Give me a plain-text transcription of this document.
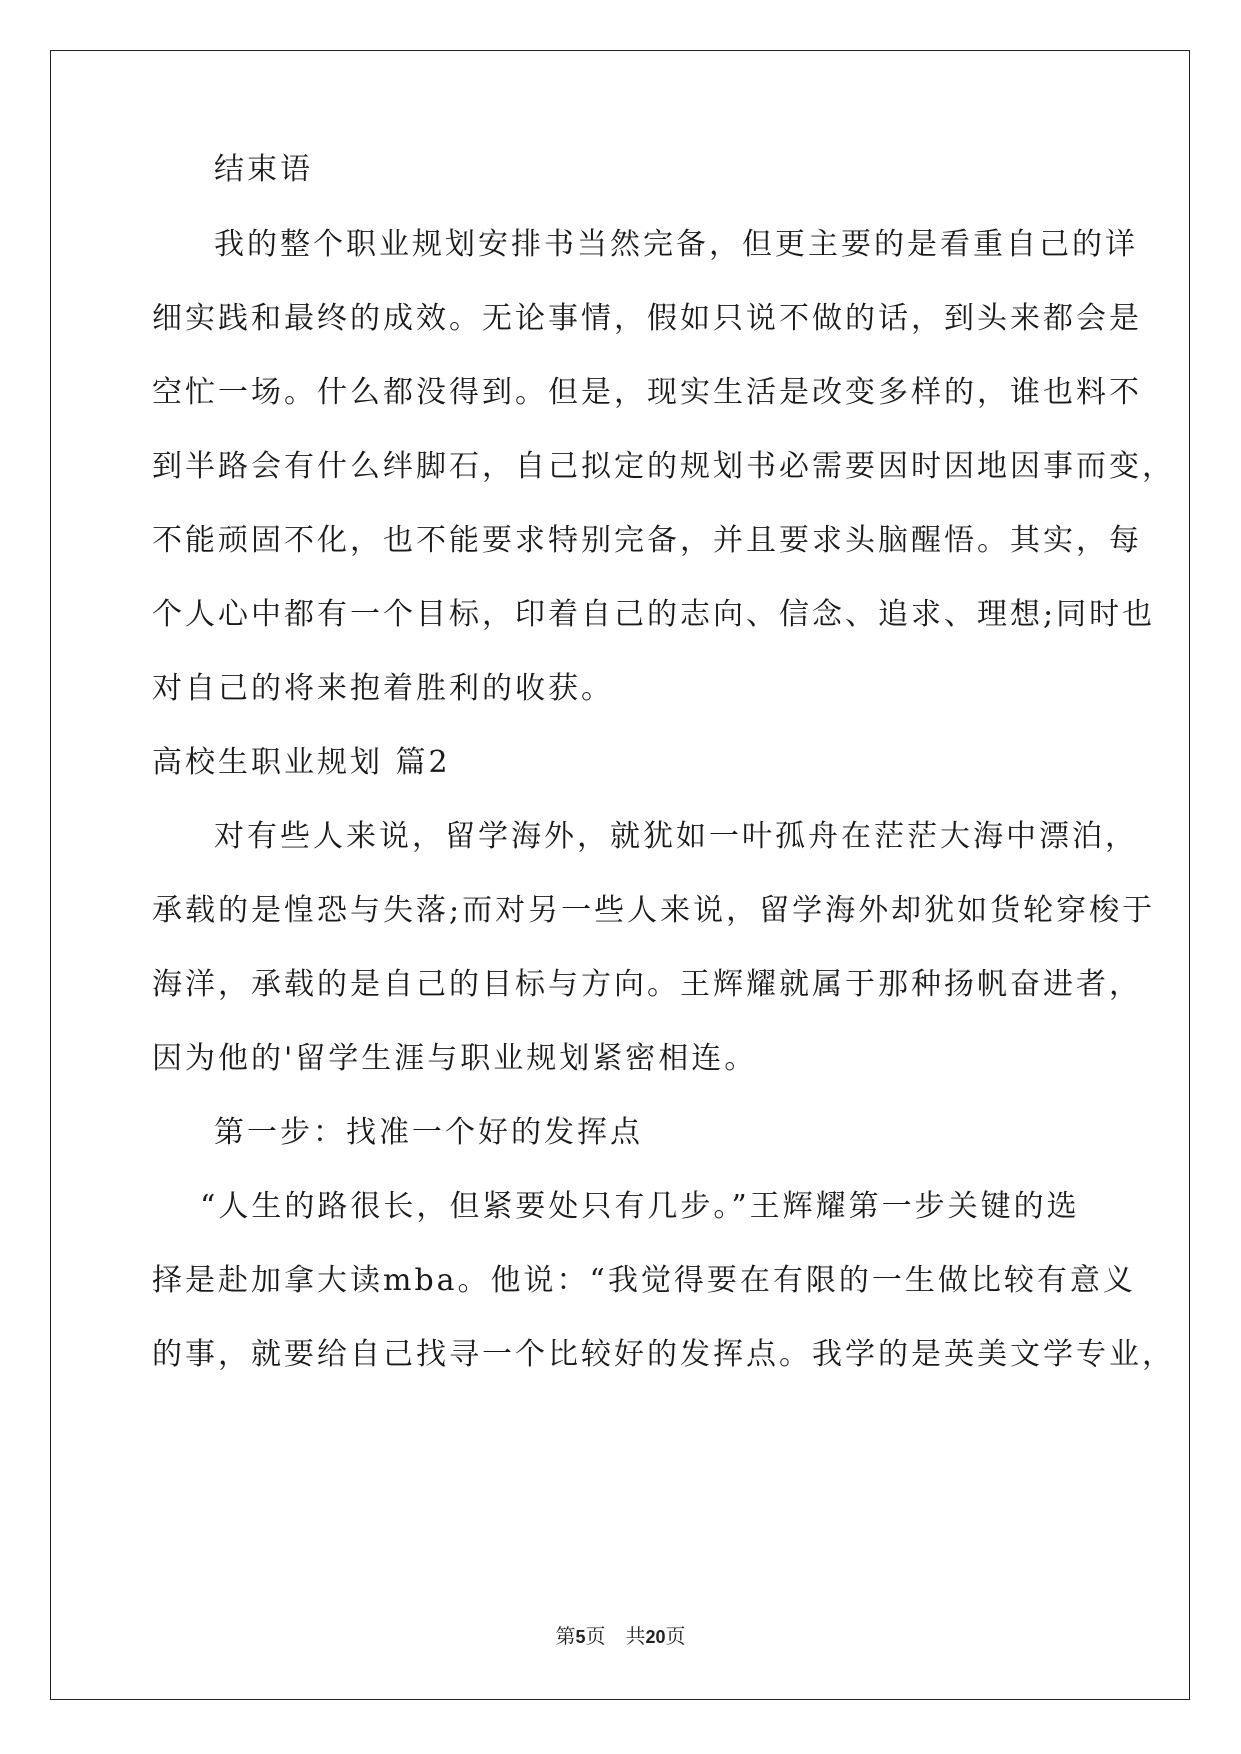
结束语
我的整个职业规划安排书当然完备，但更主要的是看重自己的详
细实践和最终的成效。无论事情，假如只说不做的话，到头来都会是
空忙一场。什么都没得到。但是，现实生活是改变多样的，谁也料不
到半路会有什么绊脚石，自己拟定的规划书必需要因时因地因事而变，
不能顽固不化，也不能要求特别完备，并且要求头脑醒悟。其实，每
个人心中都有一个目标，印着自己的志向、信念、追求、理想;同时也
对自己的将来抱着胜利的收获。
高校生职业规划 篇2
对有些人来说，留学海外，就犹如一叶孤舟在茫茫大海中漂泊，
承载的是惶恐与失落;而对另一些人来说，留学海外却犹如货轮穿梭于
海洋，承载的是自己的目标与方向。王辉耀就属于那种扬帆奋进者，
因为他的'留学生涯与职业规划紧密相连。
第一步：找准一个好的发挥点
“人生的路很长，但紧要处只有几步。”王辉耀第一步关键的选
择是赴加拿大读mba。他说：“我觉得要在有限的一生做比较有意义
的事，就要给自己找寻一个比较好的发挥点。我学的是英美文学专业，
第5页 共20页
